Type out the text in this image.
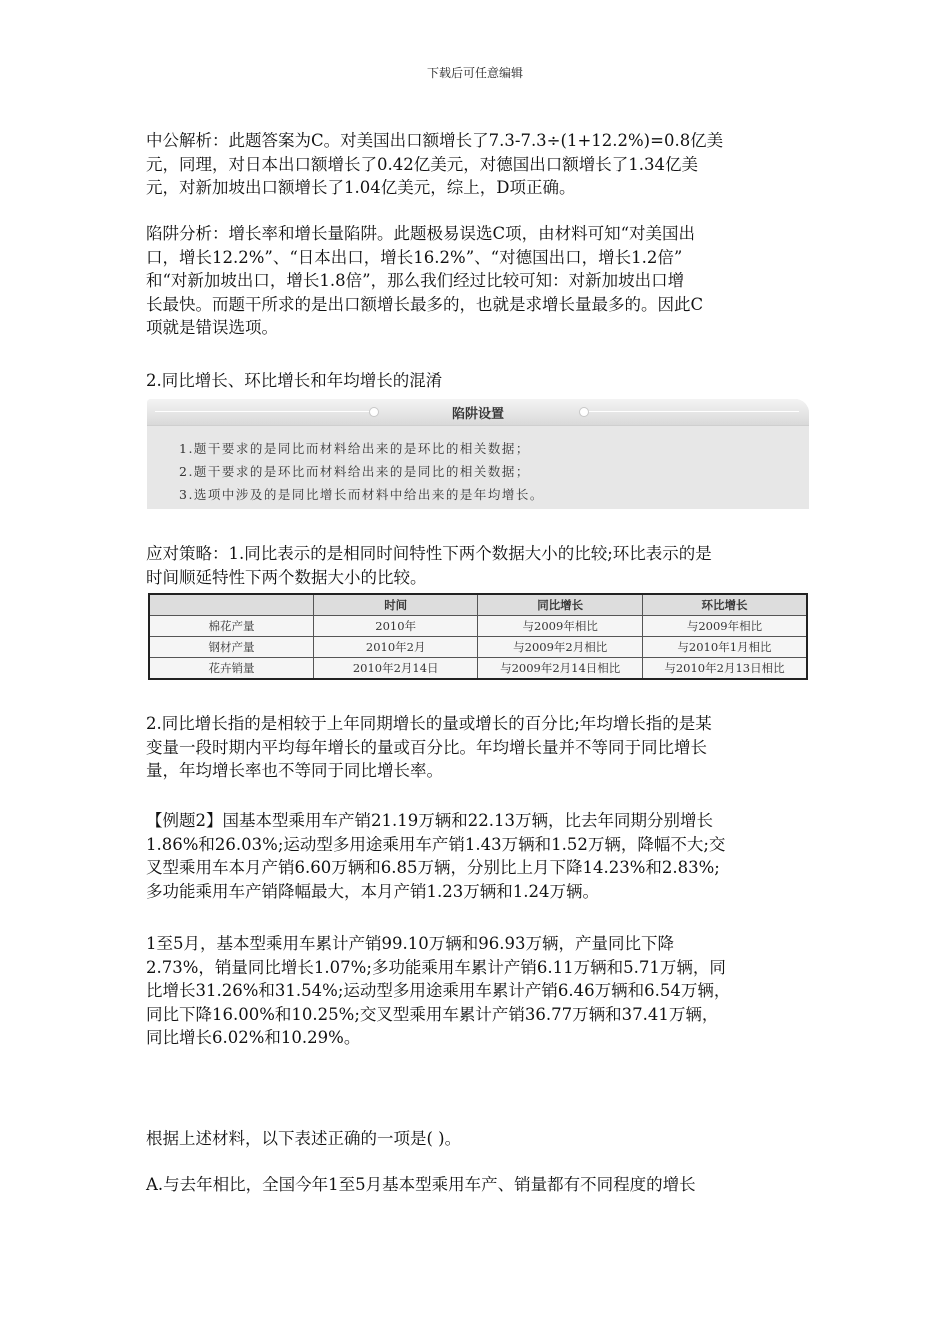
下载后可任意编辑

中公解析：此题答案为C。对美国出口额增长了7.3-7.3÷(1+12.2%)=0.8亿美
元，同理，对日本出口额增长了0.42亿美元，对德国出口额增长了1.34亿美
元，对新加坡出口额增长了1.04亿美元，综上，D项正确。

陷阱分析：增长率和增长量陷阱。此题极易误选C项，由材料可知“对美国出
口，增长12.2%”、“日本出口，增长16.2%”、“对德国出口，增长1.2倍”
和“对新加坡出口，增长1.8倍”，那么我们经过比较可知：对新加坡出口增
长最快。而题干所求的是出口额增长最多的，也就是求增长量最多的。因此C
项就是错误选项。

2.同比增长、环比增长和年均增长的混淆

陷阱设置
1.题干要求的是同比而材料给出来的是环比的相关数据；
2.题干要求的是环比而材料给出来的是同比的相关数据；
3.选项中涉及的是同比增长而材料中给出来的是年均增长。

应对策略：1.同比表示的是相同时间特性下两个数据大小的比较;环比表示的是
时间顺延特性下两个数据大小的比较。

	时间	同比增长	环比增长
棉花产量	2010年	与2009年相比	与2009年相比
钢材产量	2010年2月	与2009年2月相比	与2010年1月相比
花卉销量	2010年2月14日	与2009年2月14日相比	与2010年2月13日相比

2.同比增长指的是相较于上年同期增长的量或增长的百分比;年均增长指的是某
变量一段时期内平均每年增长的量或百分比。年均增长量并不等同于同比增长
量，年均增长率也不等同于同比增长率。

【例题2】国基本型乘用车产销21.19万辆和22.13万辆，比去年同期分别增长
1.86%和26.03%;运动型多用途乘用车产销1.43万辆和1.52万辆，降幅不大;交
叉型乘用车本月产销6.60万辆和6.85万辆，分别比上月下降14.23%和2.83%;
多功能乘用车产销降幅最大，本月产销1.23万辆和1.24万辆。

1至5月，基本型乘用车累计产销99.10万辆和96.93万辆，产量同比下降
2.73%，销量同比增长1.07%;多功能乘用车累计产销6.11万辆和5.71万辆，同
比增长31.26%和31.54%;运动型多用途乘用车累计产销6.46万辆和6.54万辆，
同比下降16.00%和10.25%;交叉型乘用车累计产销36.77万辆和37.41万辆，
同比增长6.02%和10.29%。

根据上述材料，以下表述正确的一项是( )。

A.与去年相比，全国今年1至5月基本型乘用车产、销量都有不同程度的增长
